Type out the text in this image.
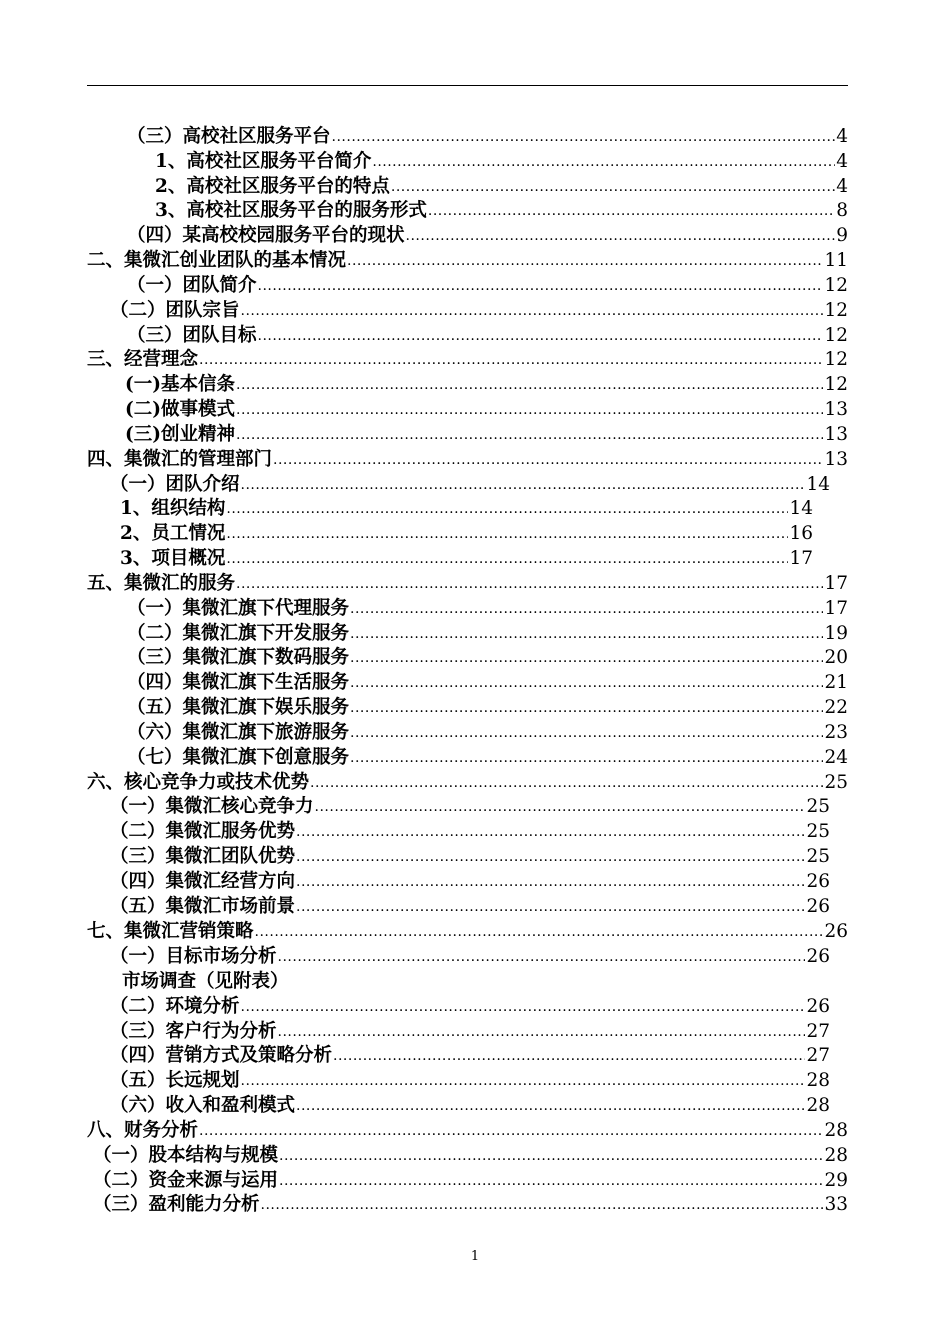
（三）高校社区服务平台 .....	4
1、高校社区服务平台简介 .....	4
2、高校社区服务平台的特点 .....	4
3、高校社区服务平台的服务形式 .....	8
（四）某高校校园服务平台的现状 .....	9
二、集微汇创业团队的基本情况 .....	11
（一）团队简介 .....	12
（二）团队宗旨 .....	12
（三）团队目标 .....	12
三、经营理念 .....	12
(一)基本信条 .....	12
(二)做事模式 .....	13
(三)创业精神 .....	13
四、集微汇的管理部门 .....	13
（一）团队介绍 .....	14
1、组织结构 .....	14
2、员工情况 .....	16
3、项目概况 .....	17
五、集微汇的服务 .....	17
（一）集微汇旗下代理服务 .....	17
（二）集微汇旗下开发服务 .....	19
（三）集微汇旗下数码服务 .....	20
（四）集微汇旗下生活服务 .....	21
（五）集微汇旗下娱乐服务 .....	22
（六）集微汇旗下旅游服务 .....	23
（七）集微汇旗下创意服务 .....	24
六、核心竞争力或技术优势 .....	25
（一）集微汇核心竞争力 .....	25
（二）集微汇服务优势 .....	25
（三）集微汇团队优势 .....	25
（四）集微汇经营方向 .....	26
（五）集微汇市场前景 .....	26
七、集微汇营销策略 .....	26
（一）目标市场分析 .....	26
市场调查（见附表）
（二）环境分析 .....	26
（三）客户行为分析 .....	27
（四）营销方式及策略分析 .....	27
（五）长远规划 .....	28
（六）收入和盈利模式 .....	28
八、财务分析 .....	28
（一）股本结构与规模 .....	28
（二）资金来源与运用 .....	29
（三）盈利能力分析 .....	33
1
